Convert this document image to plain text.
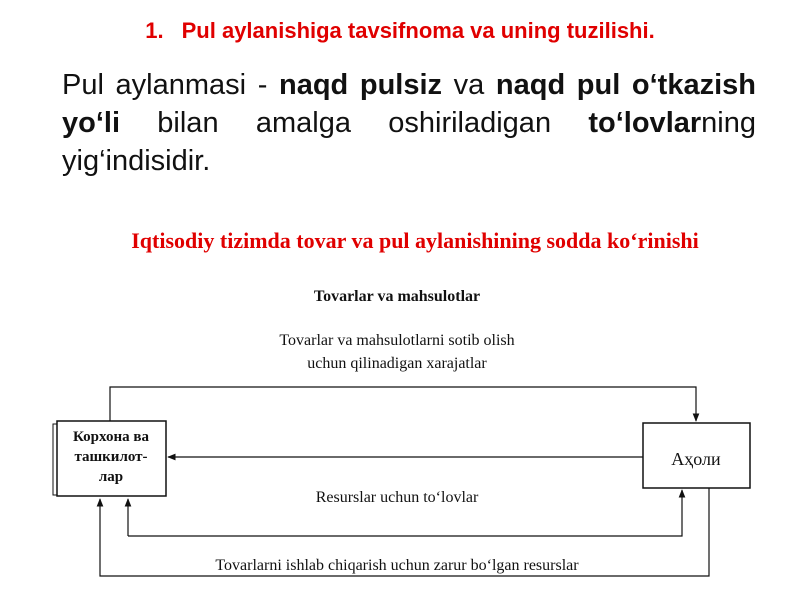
1. Pul aylanishiga tavsifnoma va uning tuzilishi.

Pul aylanmasi - naqd pulsiz va naqd pul o‘tkazish yo‘li bilan amalga oshiriladigan to‘lovlarning yig‘indisidir.

Iqtisodiy tizimda tovar va pul aylanishining sodda ko‘rinishi
Tovarlar va mahsulotlar
Tovarlar va mahsulotlarni sotib olish
uchun qilinadigan xarajatlar
Корхона ва
ташкилот-
лар
Аҳоли
Resurslar uchun to‘lovlar
Tovarlarni ishlab chiqarish uchun zarur bo‘lgan resurslar
